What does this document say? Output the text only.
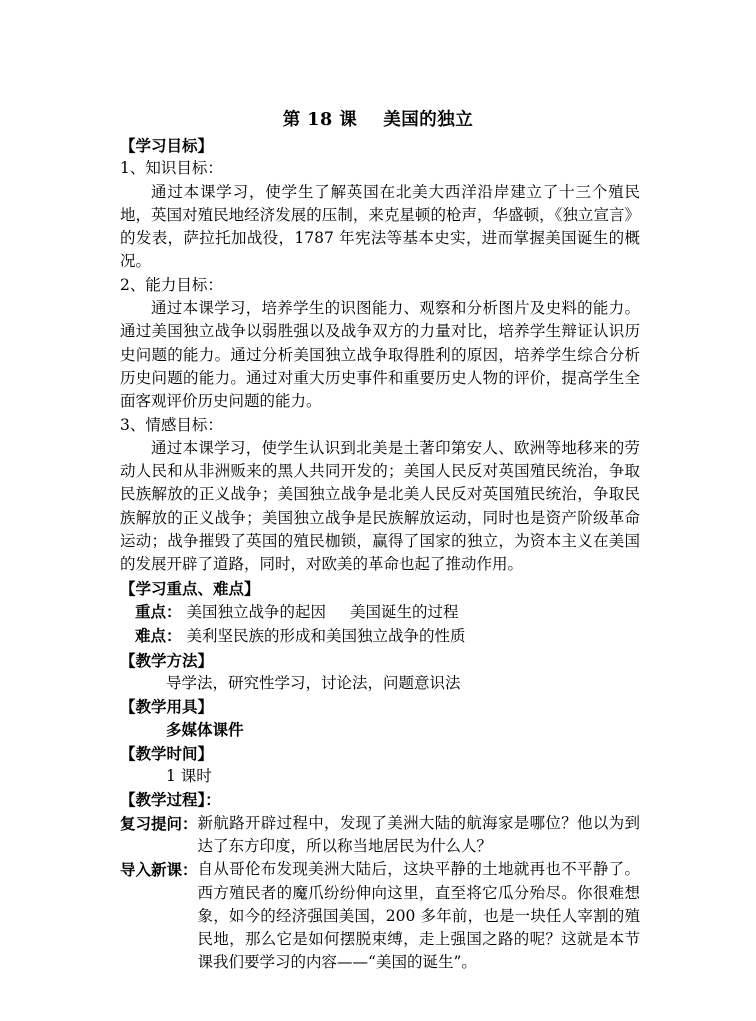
第 18 课 美国的独立
【学习目标】
1、知识目标：
通过本课学习，使学生了解英国在北美大西洋沿岸建立了十三个殖民地，英国对殖民地经济发展的压制，来克星顿的枪声，华盛顿，《独立宣言》的发表，萨拉托加战役，1787 年宪法等基本史实，进而掌握美国诞生的概况。
2、能力目标：
通过本课学习，培养学生的识图能力、观察和分析图片及史料的能力。通过美国独立战争以弱胜强以及战争双方的力量对比，培养学生辩证认识历史问题的能力。通过分析美国独立战争取得胜利的原因，培养学生综合分析历史问题的能力。通过对重大历史事件和重要历史人物的评价，提高学生全面客观评价历史问题的能力。
3、情感目标：
通过本课学习，使学生认识到北美是土著印第安人、欧洲等地移来的劳动人民和从非洲贩来的黑人共同开发的；美国人民反对英国殖民统治，争取民族解放的正义战争；美国独立战争是北美人民反对英国殖民统治，争取民族解放的正义战争；美国独立战争是民族解放运动，同时也是资产阶级革命运动；战争摧毁了英国的殖民枷锁，赢得了国家的独立，为资本主义在美国的发展开辟了道路，同时，对欧美的革命也起了推动作用。
【学习重点、难点】
重点： 美国独立战争的起因 美国诞生的过程
难点： 美利坚民族的形成和美国独立战争的性质
【教学方法】
导学法，研究性学习，讨论法，问题意识法
【教学用具】
多媒体课件
【教学时间】
1 课时
【教学过程】：
复习提问： 新航路开辟过程中，发现了美洲大陆的航海家是哪位？他以为到达了东方印度，所以称当地居民为什么人？
导入新课： 自从哥伦布发现美洲大陆后，这块平静的土地就再也不平静了。西方殖民者的魔爪纷纷伸向这里，直至将它瓜分殆尽。你很难想象，如今的经济强国美国，200 多年前，也是一块任人宰割的殖民地，那么它是如何摆脱束缚，走上强国之路的呢？这就是本节课我们要学习的内容——“美国的诞生”。
